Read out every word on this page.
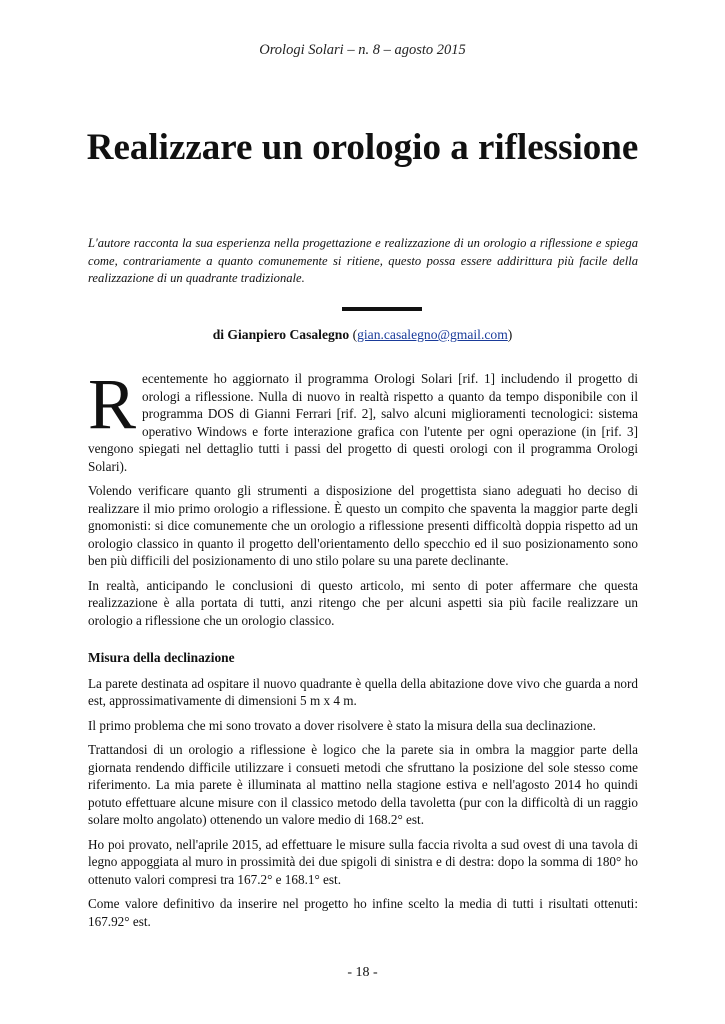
Orologi Solari – n. 8 – agosto 2015
Realizzare un orologio a riflessione

L'autore racconta la sua esperienza nella progettazione e realizzazione di un orologio a riflessione e spiega come, contrariamente a quanto comunemente si ritiene, questo possa essere addirittura più facile della realizzazione di un quadrante tradizionale.

di Gianpiero Casalegno (gian.casalegno@gmail.com)

Recentemente ho aggiornato il programma Orologi Solari [rif. 1] includendo il progetto di orologi a riflessione. Nulla di nuovo in realtà rispetto a quanto da tempo disponibile con il programma DOS di Gianni Ferrari [rif. 2], salvo alcuni miglioramenti tecnologici: sistema operativo Windows e forte interazione grafica con l'utente per ogni operazione (in [rif. 3] vengono spiegati nel dettaglio tutti i passi del progetto di questi orologi con il programma Orologi Solari).

Volendo verificare quanto gli strumenti a disposizione del progettista siano adeguati ho deciso di realizzare il mio primo orologio a riflessione. È questo un compito che spaventa la maggior parte degli gnomonisti: si dice comunemente che un orologio a riflessione presenti difficoltà doppia rispetto ad un orologio classico in quanto il progetto dell'orientamento dello specchio ed il suo posizionamento sono ben più difficili del posizionamento di uno stilo polare su una parete declinante.

In realtà, anticipando le conclusioni di questo articolo, mi sento di poter affermare che questa realizzazione è alla portata di tutti, anzi ritengo che per alcuni aspetti sia più facile realizzare un orologio a riflessione che un orologio classico.

Misura della declinazione

La parete destinata ad ospitare il nuovo quadrante è quella della abitazione dove vivo che guarda a nord est, approssimativamente di dimensioni 5 m x 4 m.

Il primo problema che mi sono trovato a dover risolvere è stato la misura della sua declinazione.

Trattandosi di un orologio a riflessione è logico che la parete sia in ombra la maggior parte della giornata rendendo difficile utilizzare i consueti metodi che sfruttano la posizione del sole stesso come riferimento. La mia parete è illuminata al mattino nella stagione estiva e nell'agosto 2014 ho quindi potuto effettuare alcune misure con il classico metodo della tavoletta (pur con la difficoltà di un raggio solare molto angolato) ottenendo un valore medio di 168.2° est.

Ho poi provato, nell'aprile 2015, ad effettuare le misure sulla faccia rivolta a sud ovest di una tavola di legno appoggiata al muro in prossimità dei due spigoli di sinistra e di destra: dopo la somma di 180° ho ottenuto valori compresi tra 167.2° e 168.1° est.

Come valore definitivo da inserire nel progetto ho infine scelto la media di tutti i risultati ottenuti: 167.92° est.

- 18 -
